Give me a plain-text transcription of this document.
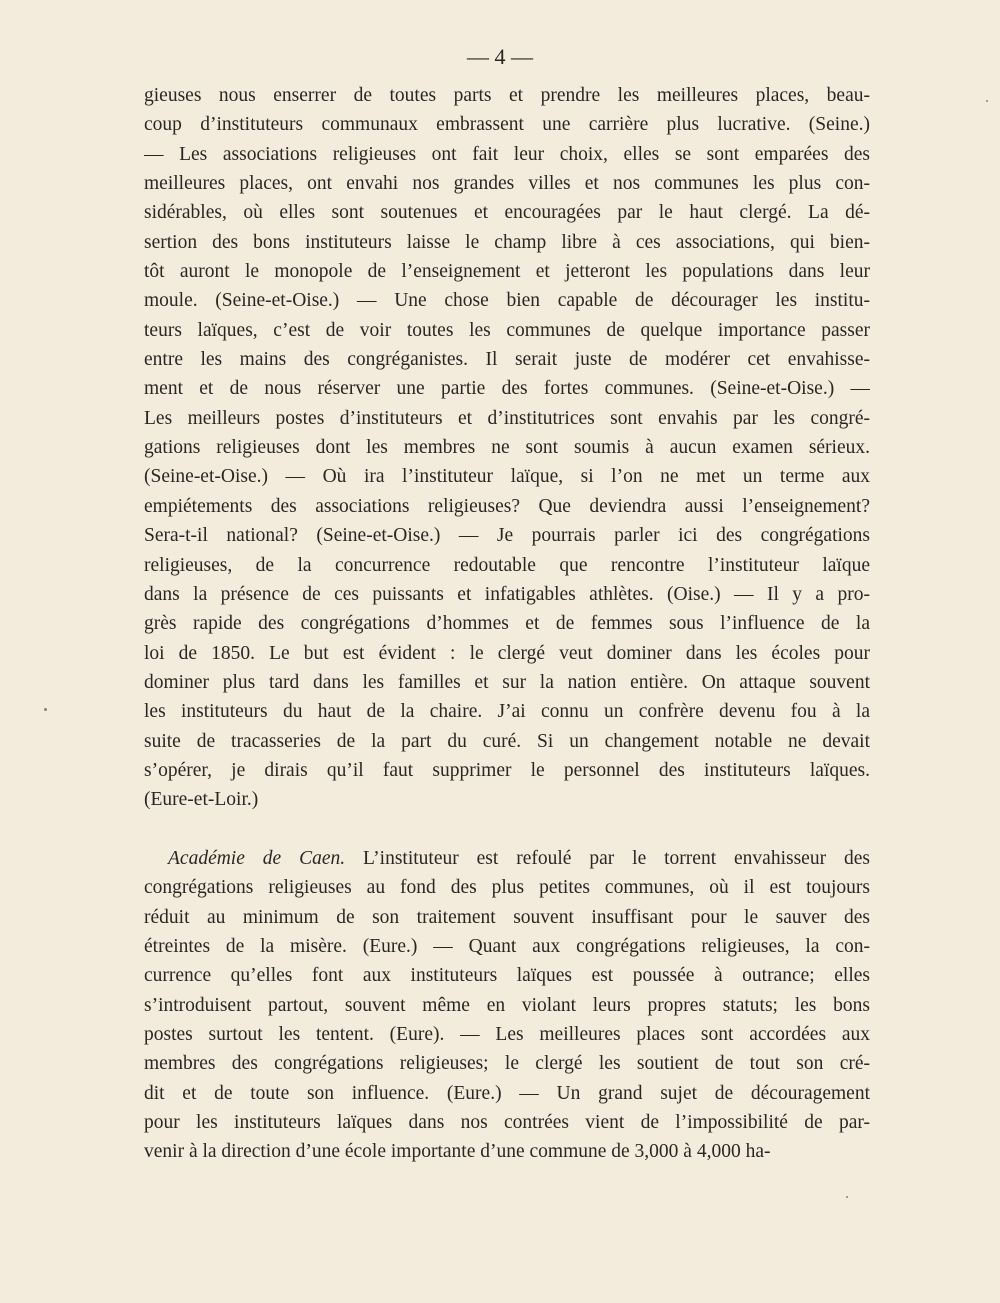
— 4 —
gieuses nous enserrer de toutes parts et prendre les meilleures places, beau-
coup d’instituteurs communaux embrassent une carrière plus lucrative. (Seine.)
— Les associations religieuses ont fait leur choix, elles se sont emparées des
meilleures places, ont envahi nos grandes villes et nos communes les plus con-
sidérables, où elles sont soutenues et encouragées par le haut clergé. La dé-
sertion des bons instituteurs laisse le champ libre à ces associations, qui bien-
tôt auront le monopole de l’enseignement et jetteront les populations dans leur
moule. (Seine-et-Oise.) — Une chose bien capable de décourager les institu-
teurs laïques, c’est de voir toutes les communes de quelque importance passer
entre les mains des congréganistes. Il serait juste de modérer cet envahisse-
ment et de nous réserver une partie des fortes communes. (Seine-et-Oise.) —
Les meilleurs postes d’instituteurs et d’institutrices sont envahis par les congré-
gations religieuses dont les membres ne sont soumis à aucun examen sérieux.
(Seine-et-Oise.) — Où ira l’instituteur laïque, si l’on ne met un terme aux
empiétements des associations religieuses? Que deviendra aussi l’enseignement?
Sera-t-il national? (Seine-et-Oise.) — Je pourrais parler ici des congrégations
religieuses, de la concurrence redoutable que rencontre l’instituteur laïque
dans la présence de ces puissants et infatigables athlètes. (Oise.) — Il y a pro-
grès rapide des congrégations d’hommes et de femmes sous l’influence de la
loi de 1850. Le but est évident : le clergé veut dominer dans les écoles pour
dominer plus tard dans les familles et sur la nation entière. On attaque souvent
les instituteurs du haut de la chaire. J’ai connu un confrère devenu fou à la
suite de tracasseries de la part du curé. Si un changement notable ne devait
s’opérer, je dirais qu’il faut supprimer le personnel des instituteurs laïques.
(Eure-et-Loir.)
Académie de Caen. L’instituteur est refoulé par le torrent envahisseur des
congrégations religieuses au fond des plus petites communes, où il est toujours
réduit au minimum de son traitement souvent insuffisant pour le sauver des
étreintes de la misère. (Eure.) — Quant aux congrégations religieuses, la con-
currence qu’elles font aux instituteurs laïques est poussée à outrance; elles
s’introduisent partout, souvent même en violant leurs propres statuts; les bons
postes surtout les tentent. (Eure). — Les meilleures places sont accordées aux
membres des congrégations religieuses; le clergé les soutient de tout son cré-
dit et de toute son influence. (Eure.) — Un grand sujet de découragement
pour les instituteurs laïques dans nos contrées vient de l’impossibilité de par-
venir à la direction d’une école importante d’une commune de 3,000 à 4,000 ha-
